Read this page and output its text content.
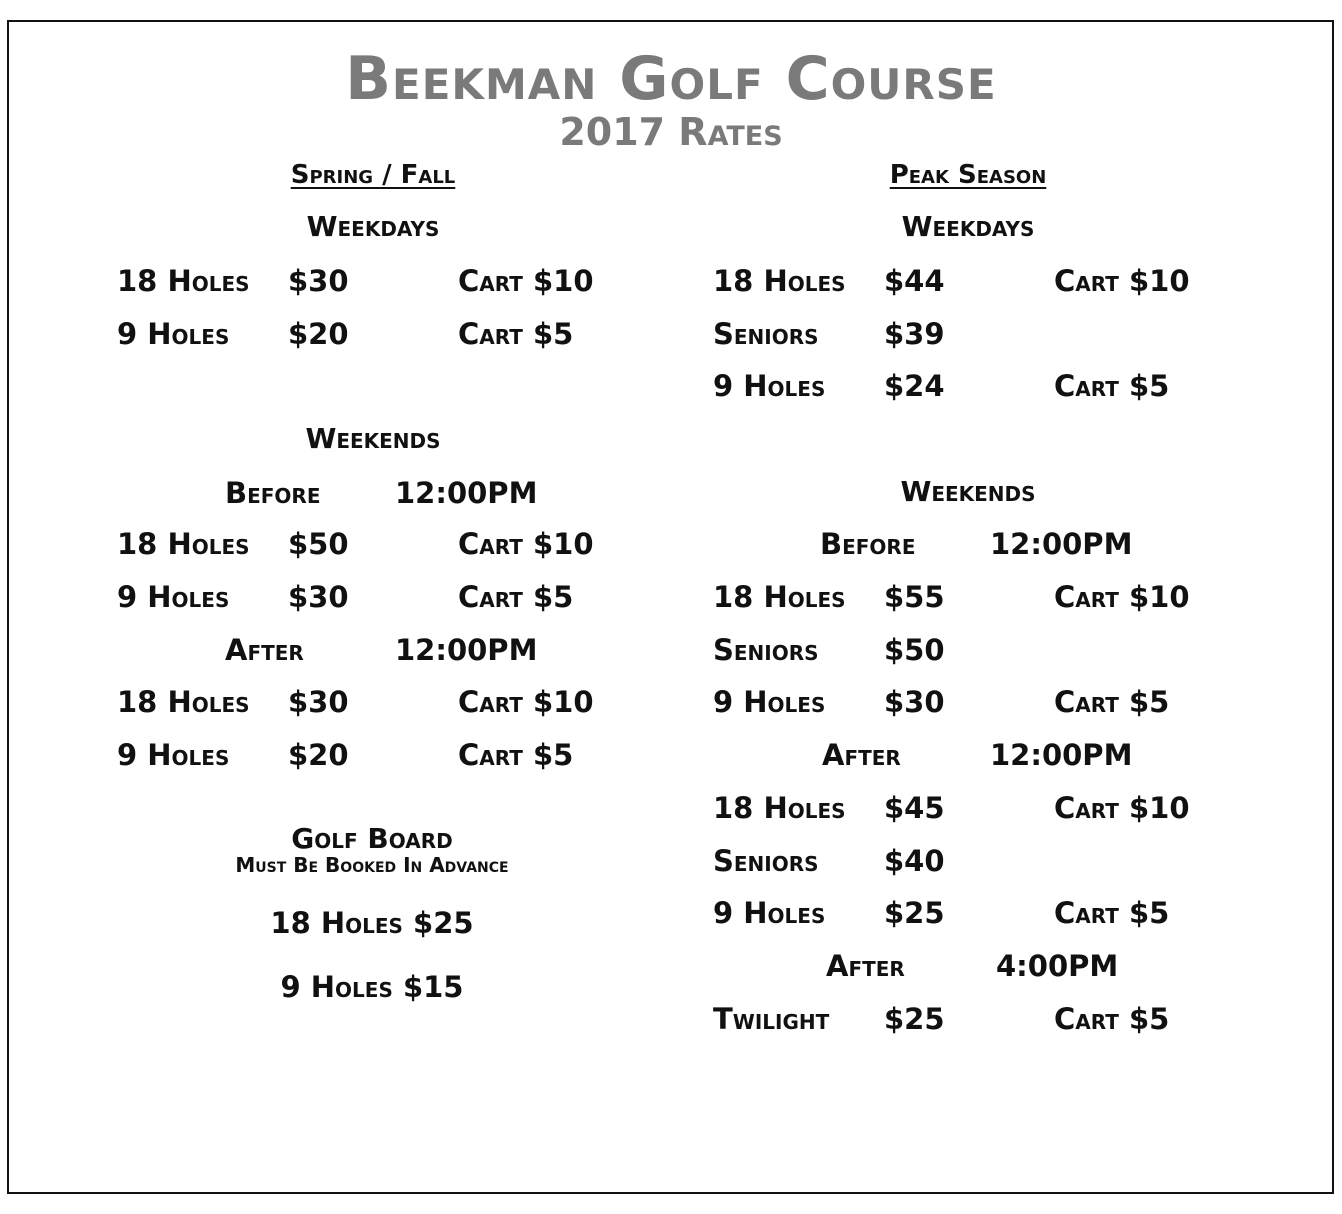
Beekman Golf Course
2017 Rates
Spring / Fall
Weekdays
18 Holes $30	Cart $10
9 Holes $20	Cart $5
Weekends
Before	12:00PM
18 Holes $50	Cart $10
9 Holes $30	Cart $5
After	12:00PM
18 Holes $30	Cart $10
9 Holes $20	Cart $5
Golf Board
Must Be Booked In Advance
18 Holes $25
9 Holes $15
Peak Season
Weekdays
18 Holes $44	Cart $10
Seniors $39
9 Holes $24	Cart $5
Weekends
Before	12:00PM
18 Holes $55	Cart $10
Seniors $50
9 Holes $30	Cart $5
After	12:00PM
18 Holes $45	Cart $10
Seniors $40
9 Holes $25	Cart $5
After	4:00PM
Twilight $25	Cart $5
